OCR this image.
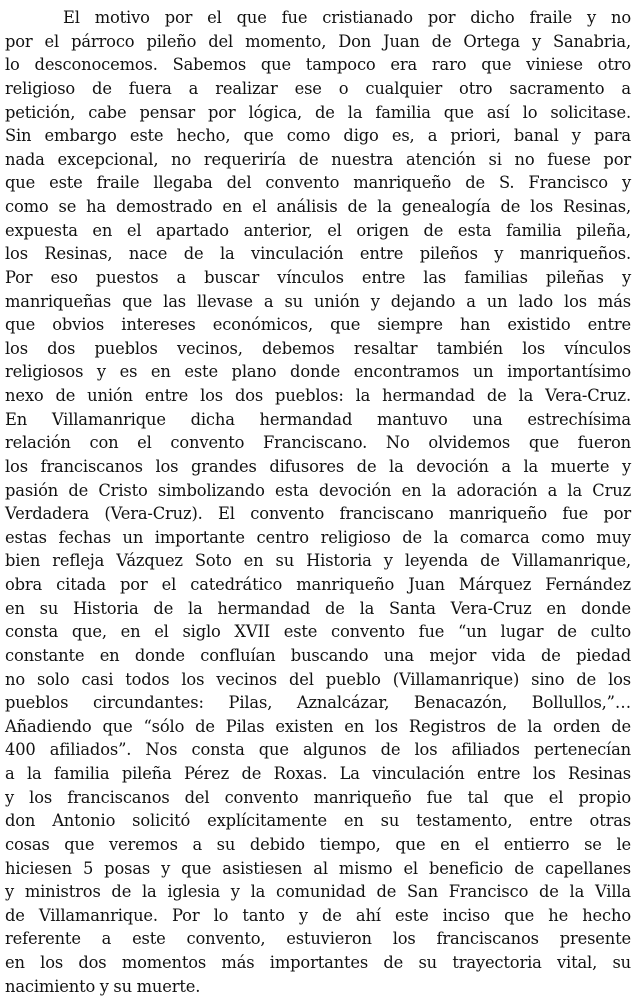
El motivo por el que fue cristianado por dicho fraile y no
por el párroco pileño del momento, Don Juan de Ortega y Sanabria,
lo desconocemos. Sabemos que tampoco era raro que viniese otro
religioso de fuera a realizar ese o cualquier otro sacramento a
petición, cabe pensar por lógica, de la familia que así lo solicitase.
Sin embargo este hecho, que como digo es, a priori, banal y para
nada excepcional, no requeriría de nuestra atención si no fuese por
que este fraile llegaba del convento manriqueño de S. Francisco y
como se ha demostrado en el análisis de la genealogía de los Resinas,
expuesta en el apartado anterior, el origen de esta familia pileña,
los Resinas, nace de la vinculación entre pileños y manriqueños.
Por eso puestos a buscar vínculos entre las familias pileñas y
manriqueñas que las llevase a su unión y dejando a un lado los más
que obvios intereses económicos, que siempre han existido entre
los dos pueblos vecinos, debemos resaltar también los vínculos
religiosos y es en este plano donde encontramos un importantísimo
nexo de unión entre los dos pueblos: la hermandad de la Vera-Cruz.
En Villamanrique dicha hermandad mantuvo una estrechísima
relación con el convento Franciscano. No olvidemos que fueron
los franciscanos los grandes difusores de la devoción a la muerte y
pasión de Cristo simbolizando esta devoción en la adoración a la Cruz
Verdadera (Vera-Cruz). El convento franciscano manriqueño fue por
estas fechas un importante centro religioso de la comarca como muy
bien refleja Vázquez Soto en su Historia y leyenda de Villamanrique,
obra citada por el catedrático manriqueño Juan Márquez Fernández
en su Historia de la hermandad de la Santa Vera-Cruz en donde
consta que, en el siglo XVII este convento fue “un lugar de culto
constante en donde confluían buscando una mejor vida de piedad
no solo casi todos los vecinos del pueblo (Villamanrique) sino de los
pueblos circundantes: Pilas, Aznalcázar, Benacazón, Bollullos,”…
Añadiendo que “sólo de Pilas existen en los Registros de la orden de
400 afiliados”. Nos consta que algunos de los afiliados pertenecían
a la familia pileña Pérez de Roxas. La vinculación entre los Resinas
y los franciscanos del convento manriqueño fue tal que el propio
don Antonio solicitó explícitamente en su testamento, entre otras
cosas que veremos a su debido tiempo, que en el entierro se le
hiciesen 5 posas y que asistiesen al mismo el beneficio de capellanes
y ministros de la iglesia y la comunidad de San Francisco de la Villa
de Villamanrique. Por lo tanto y de ahí este inciso que he hecho
referente a este convento, estuvieron los franciscanos presente
en los dos momentos más importantes de su trayectoria vital, su
nacimiento y su muerte.
